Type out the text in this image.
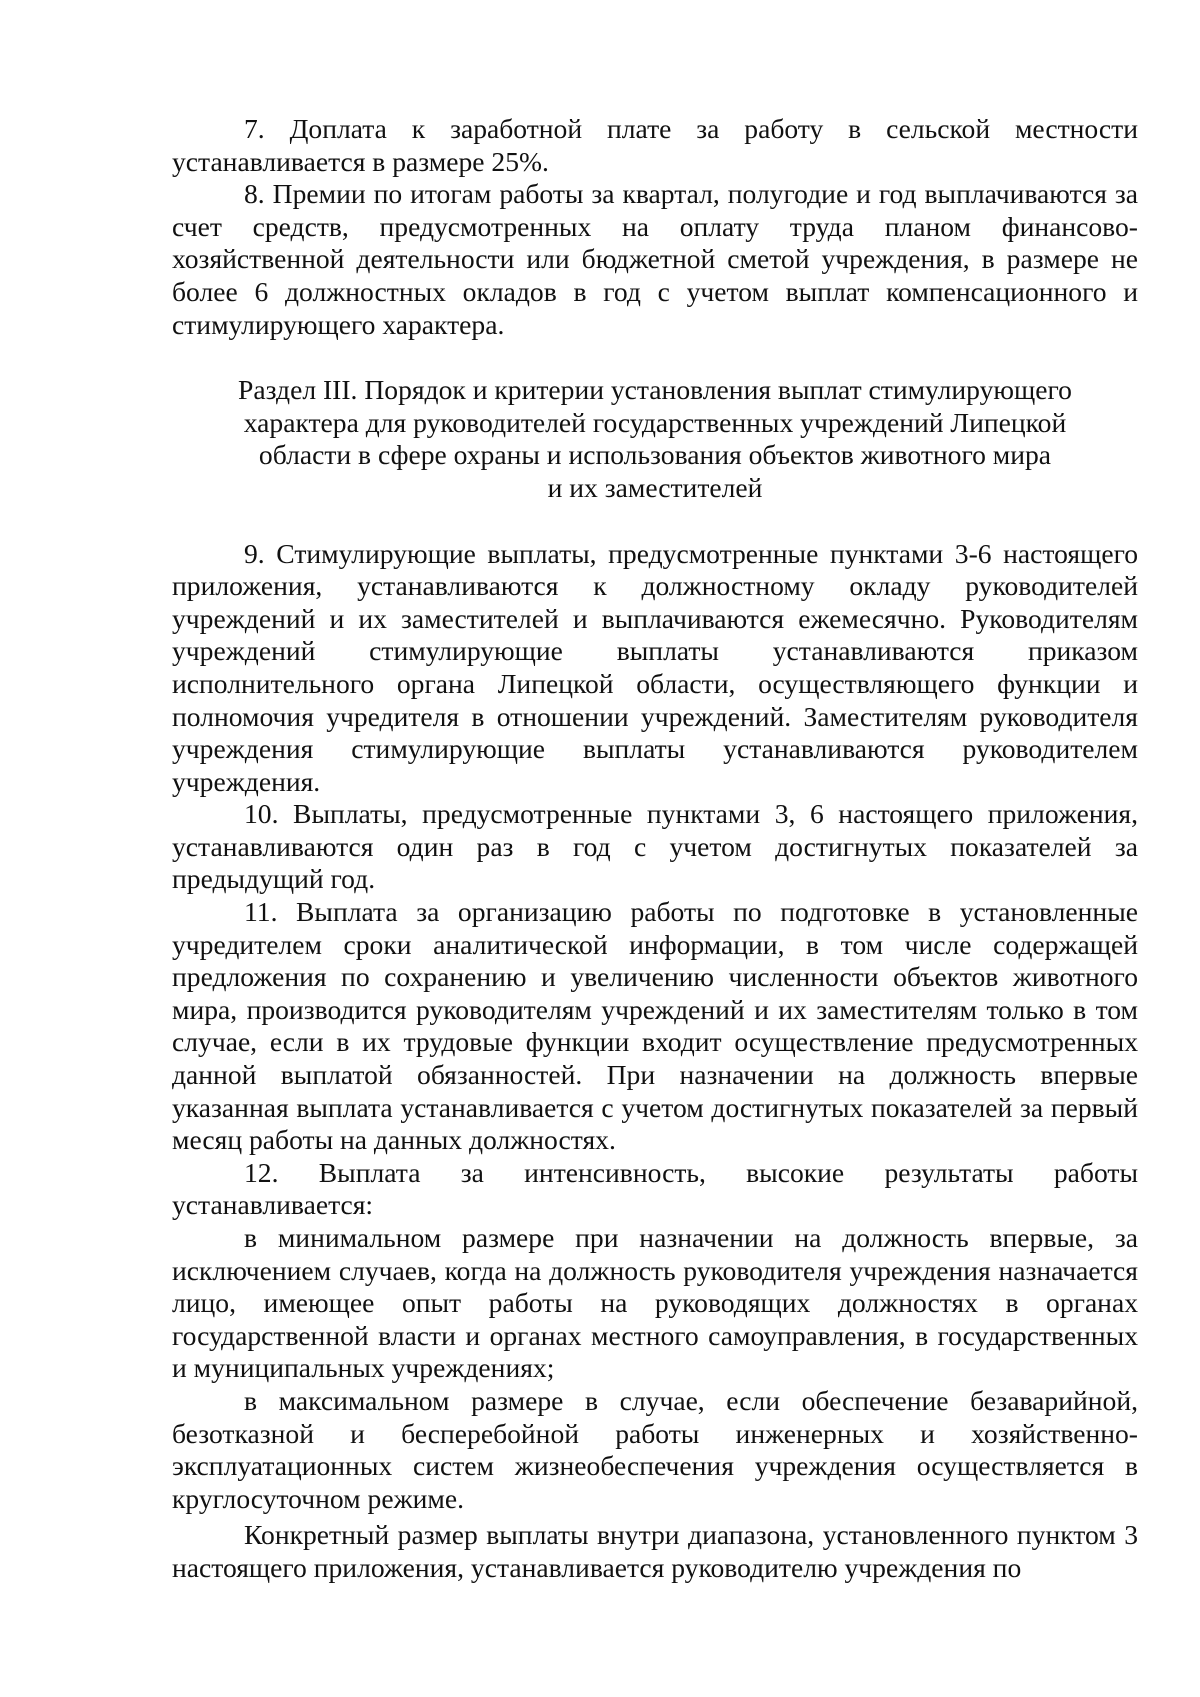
7. Доплата к заработной плате за работу в сельской местности устанавливается в размере 25%.

8. Премии по итогам работы за квартал, полугодие и год выплачиваются за счет средств, предусмотренных на оплату труда планом финансово-хозяйственной деятельности или бюджетной сметой учреждения, в размере не более 6 должностных окладов в год с учетом выплат компенсационного и стимулирующего характера.

Раздел III. Порядок и критерии установления выплат стимулирующего
характера для руководителей государственных учреждений Липецкой
области в сфере охраны и использования объектов животного мира
и их заместителей

9. Стимулирующие выплаты, предусмотренные пунктами 3-6 настоящего приложения, устанавливаются к должностному окладу руководителей учреждений и их заместителей и выплачиваются ежемесячно. Руководителям учреждений стимулирующие выплаты устанавливаются приказом исполнительного органа Липецкой области, осуществляющего функции и полномочия учредителя в отношении учреждений. Заместителям руководителя учреждения стимулирующие выплаты устанавливаются руководителем учреждения.

10. Выплаты, предусмотренные пунктами 3, 6 настоящего приложения, устанавливаются один раз в год с учетом достигнутых показателей за предыдущий год.

11. Выплата за организацию работы по подготовке в установленные учредителем сроки аналитической информации, в том числе содержащей предложения по сохранению и увеличению численности объектов животного мира, производится руководителям учреждений и их заместителям только в том случае, если в их трудовые функции входит осуществление предусмотренных данной выплатой обязанностей. При назначении на должность впервые указанная выплата устанавливается с учетом достигнутых показателей за первый месяц работы на данных должностях.

12. Выплата за интенсивность, высокие результаты работы устанавливается:

в минимальном размере при назначении на должность впервые, за исключением случаев, когда на должность руководителя учреждения назначается лицо, имеющее опыт работы на руководящих должностях в органах государственной власти и органах местного самоуправления, в государственных и муниципальных учреждениях;

в максимальном размере в случае, если обеспечение безаварийной, безотказной и бесперебойной работы инженерных и хозяйственно-эксплуатационных систем жизнеобеспечения учреждения осуществляется в круглосуточном режиме.

Конкретный размер выплаты внутри диапазона, установленного пунктом 3 настоящего приложения, устанавливается руководителю учреждения по
